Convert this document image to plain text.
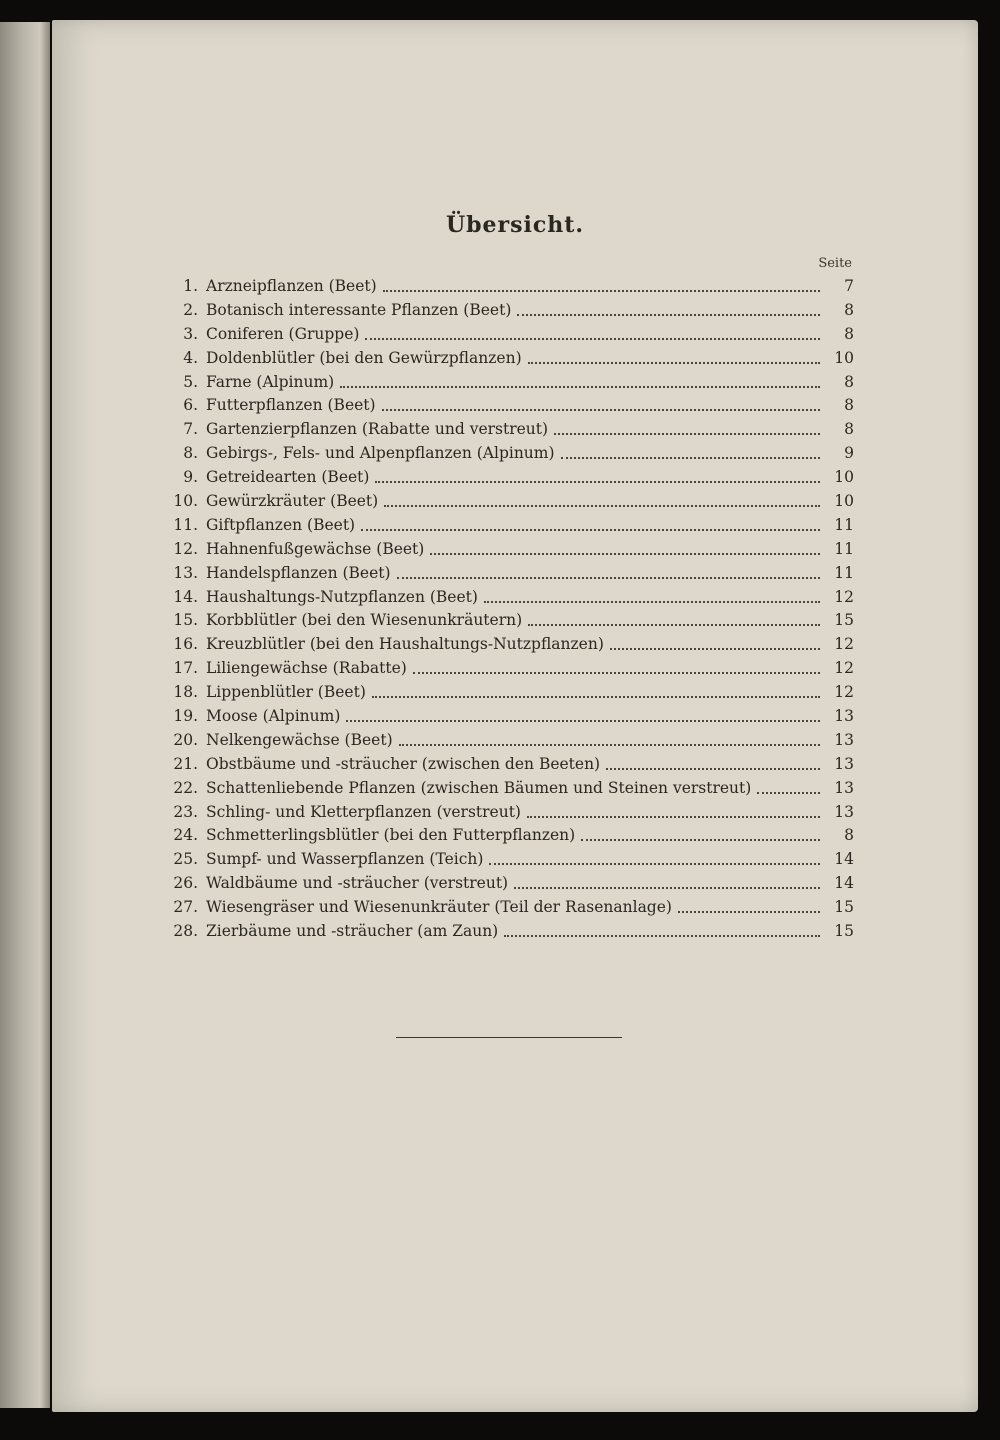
Übersicht.
Seite
1. Arzneipflanzen (Beet)	7
2. Botanisch interessante Pflanzen (Beet)	8
3. Coniferen (Gruppe)	8
4. Doldenblütler (bei den Gewürzpflanzen)	10
5. Farne (Alpinum)	8
6. Futterpflanzen (Beet)	8
7. Gartenzierpflanzen (Rabatte und verstreut)	8
8. Gebirgs-, Fels- und Alpenpflanzen (Alpinum)	9
9. Getreidearten (Beet)	10
10. Gewürzkräuter (Beet)	10
11. Giftpflanzen (Beet)	11
12. Hahnenfußgewächse (Beet)	11
13. Handelspflanzen (Beet)	11
14. Haushaltungs-Nutzpflanzen (Beet)	12
15. Korbblütler (bei den Wiesenunkräutern)	15
16. Kreuzblütler (bei den Haushaltungs-Nutzpflanzen)	12
17. Liliengewächse (Rabatte)	12
18. Lippenblütler (Beet)	12
19. Moose (Alpinum)	13
20. Nelkengewächse (Beet)	13
21. Obstbäume und -sträucher (zwischen den Beeten)	13
22. Schattenliebende Pflanzen (zwischen Bäumen und Steinen verstreut)	13
23. Schling- und Kletterpflanzen (verstreut)	13
24. Schmetterlingsblütler (bei den Futterpflanzen)	8
25. Sumpf- und Wasserpflanzen (Teich)	14
26. Waldbäume und -sträucher (verstreut)	14
27. Wiesengräser und Wiesenunkräuter (Teil der Rasenanlage)	15
28. Zierbäume und -sträucher (am Zaun)	15
